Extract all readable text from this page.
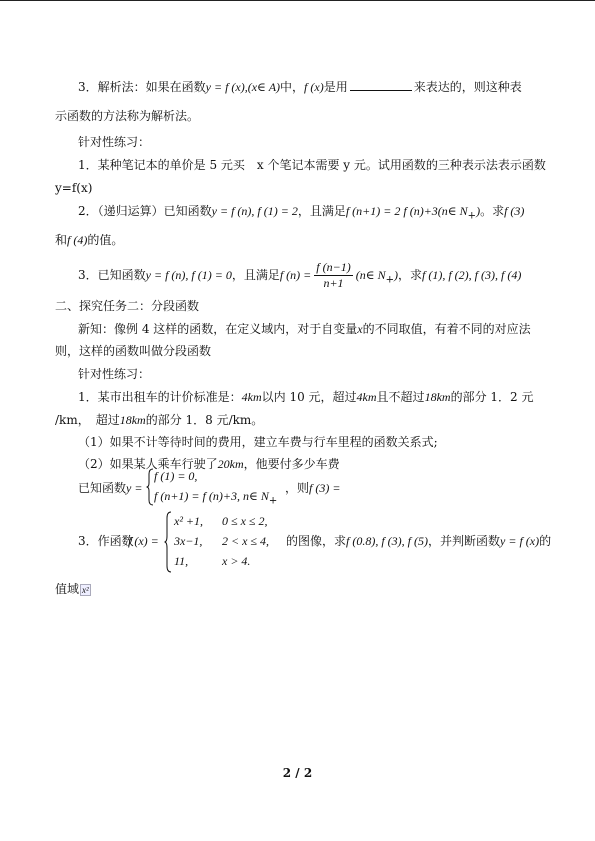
3．解析法：如果在函数y = f (x),(x∈ A)中，f (x)是用	来表达的，则这种表
示函数的方法称为解析法。
针对性练习：
1．某种笔记本的单价是 5 元买　x 个笔记本需要 y 元。试用函数的三种表示法表示函数
y=f(x)
2．（递归运算）已知函数y = f (n), f (1) = 2，且满足f (n+1) = 2 f (n)+3(n∈ $N_+$)。求f (3)
和f (4)的值。
3．已知函数y = f (n), f (1) = 0，且满足f $(n) = \frac{f (n-1)}{n+1}$ (n∈ $N_+$)，求f (1), f (2), f (3), f (4)
二、探究任务二：分段函数
新知：像例 4 这样的函数，在定义域内，对于自变量x的不同取值，有着不同的对应法
则，这样的函数叫做分段函数
针对性练习：
1．某市出租车的计价标准是：4km以内 10 元，超过4km且不超过18km的部分 1．2 元
/km，　超过18km的部分 1．8 元/km。
（1）如果不计等待时间的费用，建立车费与行车里程的函数关系式;
（2）如果某人乘车行驶了20km，他要付多少车费
已知函数 y =
f (1) = 0,
f (n+1) = f (n)+3, n∈ $N_+$
，则f (3) =
3．作函数
f (x) =
x² +1, 0 ≤ x ≤ 2,
3x−1, 2 < x ≤ 4,
11,	x > 4.
的图像，求f (0.8), f (3), f (5)，并判断函数y = f (x)的
值域 x²
2 / 2
